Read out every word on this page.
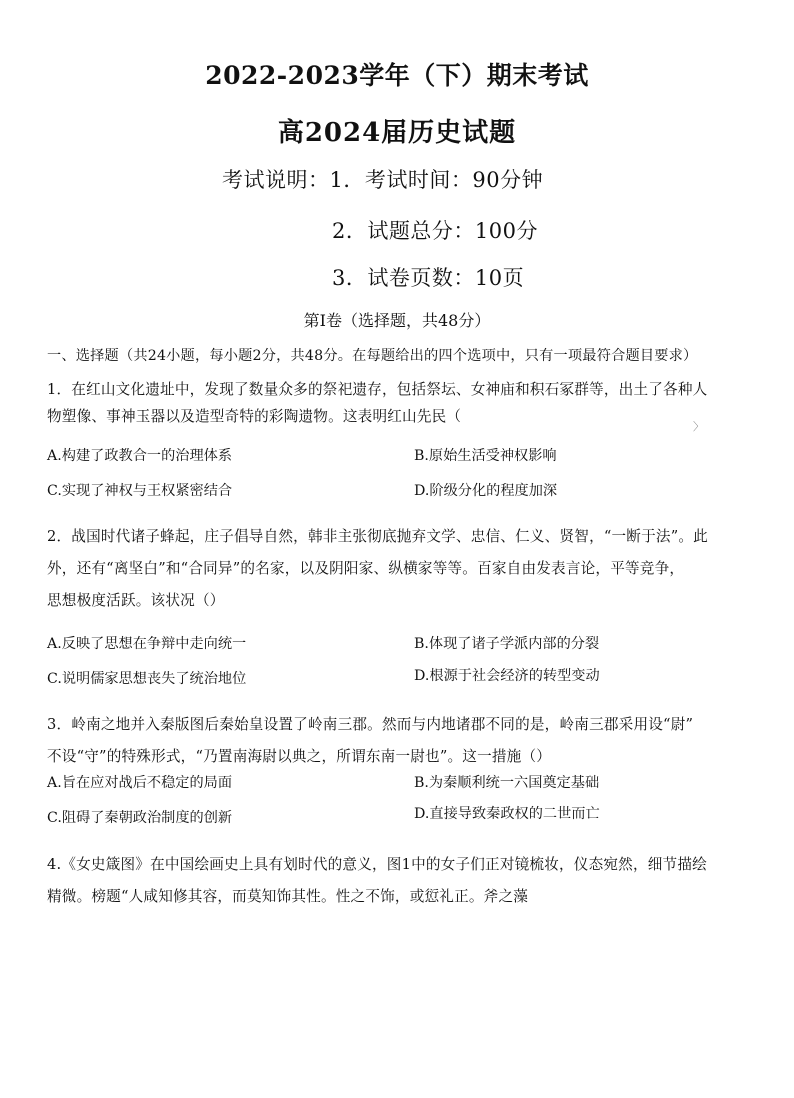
2022-2023学年（下）期末考试
高2024届历史试题
考试说明：1．考试时间：90分钟
2．试题总分：100分
3．试卷页数：10页
第I卷（选择题，共48分）
一、选择题（共24小题，每小题2分，共48分。在每题给出的四个选项中，只有一项最符合题目要求）
1．在红山文化遗址中，发现了数量众多的祭祀遗存，包括祭坛、女神庙和积石冢群等，出土了各种人
物塑像、事神玉器以及造型奇特的彩陶遗物。这表明红山先民（
〉
A.构建了政教合一的治理体系	B.原始生活受神权影响
C.实现了神权与王权紧密结合	D.阶级分化的程度加深
2．战国时代诸子蜂起，庄子倡导自然，韩非主张彻底抛弃文学、忠信、仁义、贤智，“一断于法”。此
外，还有“离坚白”和“合同异”的名家，以及阴阳家、纵横家等等。百家自由发表言论，平等竞争，
思想极度活跃。该状况（）
A.反映了思想在争辩中走向统一	B.体现了诸子学派内部的分裂
C.说明儒家思想丧失了统治地位	D.根源于社会经济的转型变动
3．岭南之地并入秦版图后秦始皇设置了岭南三郡。然而与内地诸郡不同的是，岭南三郡采用设“尉”
不设“守”的特殊形式，“乃置南海尉以典之，所谓东南一尉也”。这一措施（）
A.旨在应对战后不稳定的局面	B.为秦顺利统一六国奠定基础
C.阻碍了秦朝政治制度的创新	D.直接导致秦政权的二世而亡
4.《女史箴图》在中国绘画史上具有划时代的意义，图1中的女子们正对镜梳妆，仪态宛然，细节描绘
精微。榜题“人咸知修其容，而莫知饰其性。性之不饰，或愆礼正。斧之藻
